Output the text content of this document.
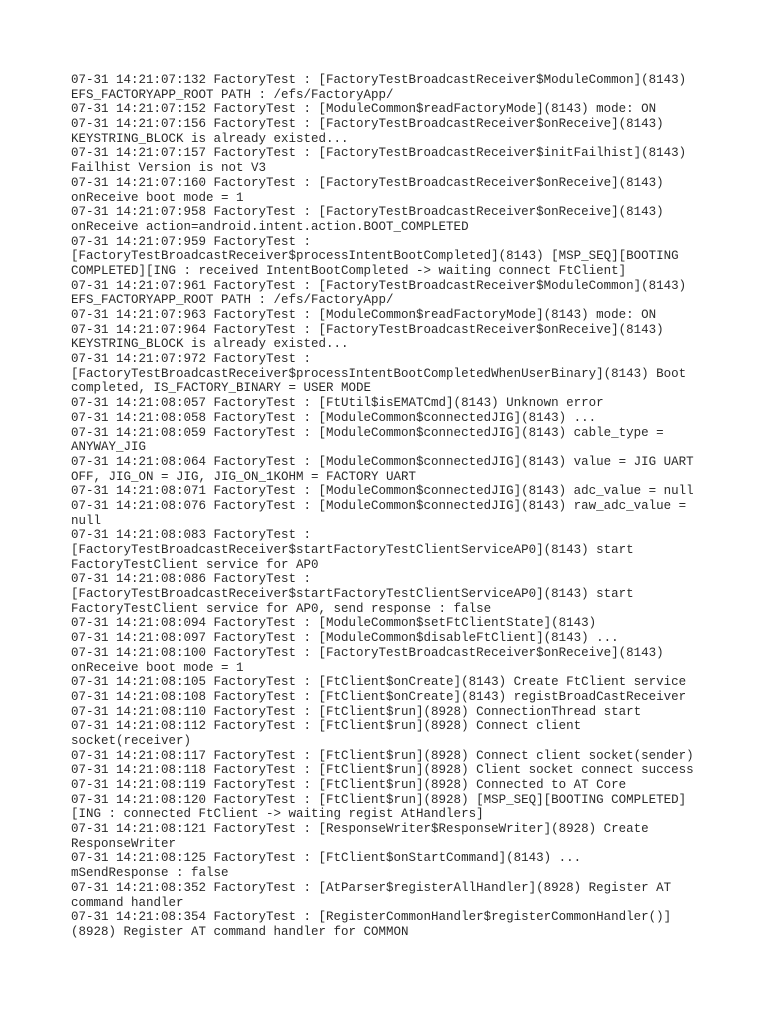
07-31 14:21:07:132 FactoryTest : [FactoryTestBroadcastReceiver$ModuleCommon](8143)
EFS_FACTORYAPP_ROOT PATH : /efs/FactoryApp/
07-31 14:21:07:152 FactoryTest : [ModuleCommon$readFactoryMode](8143) mode: ON
07-31 14:21:07:156 FactoryTest : [FactoryTestBroadcastReceiver$onReceive](8143)
KEYSTRING_BLOCK is already existed...
07-31 14:21:07:157 FactoryTest : [FactoryTestBroadcastReceiver$initFailhist](8143)
Failhist Version is not V3
07-31 14:21:07:160 FactoryTest : [FactoryTestBroadcastReceiver$onReceive](8143)
onReceive boot mode = 1
07-31 14:21:07:958 FactoryTest : [FactoryTestBroadcastReceiver$onReceive](8143)
onReceive action=android.intent.action.BOOT_COMPLETED
07-31 14:21:07:959 FactoryTest :
[FactoryTestBroadcastReceiver$processIntentBootCompleted](8143) [MSP_SEQ][BOOTING
COMPLETED][ING : received IntentBootCompleted -> waiting connect FtClient]
07-31 14:21:07:961 FactoryTest : [FactoryTestBroadcastReceiver$ModuleCommon](8143)
EFS_FACTORYAPP_ROOT PATH : /efs/FactoryApp/
07-31 14:21:07:963 FactoryTest : [ModuleCommon$readFactoryMode](8143) mode: ON
07-31 14:21:07:964 FactoryTest : [FactoryTestBroadcastReceiver$onReceive](8143)
KEYSTRING_BLOCK is already existed...
07-31 14:21:07:972 FactoryTest :
[FactoryTestBroadcastReceiver$processIntentBootCompletedWhenUserBinary](8143) Boot
completed, IS_FACTORY_BINARY = USER MODE
07-31 14:21:08:057 FactoryTest : [FtUtil$isEMATCmd](8143) Unknown error
07-31 14:21:08:058 FactoryTest : [ModuleCommon$connectedJIG](8143) ...
07-31 14:21:08:059 FactoryTest : [ModuleCommon$connectedJIG](8143) cable_type =
ANYWAY_JIG
07-31 14:21:08:064 FactoryTest : [ModuleCommon$connectedJIG](8143) value = JIG UART
OFF, JIG_ON = JIG, JIG_ON_1KOHM = FACTORY UART
07-31 14:21:08:071 FactoryTest : [ModuleCommon$connectedJIG](8143) adc_value = null
07-31 14:21:08:076 FactoryTest : [ModuleCommon$connectedJIG](8143) raw_adc_value =
null
07-31 14:21:08:083 FactoryTest :
[FactoryTestBroadcastReceiver$startFactoryTestClientServiceAP0](8143) start
FactoryTestClient service for AP0
07-31 14:21:08:086 FactoryTest :
[FactoryTestBroadcastReceiver$startFactoryTestClientServiceAP0](8143) start
FactoryTestClient service for AP0, send response : false
07-31 14:21:08:094 FactoryTest : [ModuleCommon$setFtClientState](8143)
07-31 14:21:08:097 FactoryTest : [ModuleCommon$disableFtClient](8143) ...
07-31 14:21:08:100 FactoryTest : [FactoryTestBroadcastReceiver$onReceive](8143)
onReceive boot mode = 1
07-31 14:21:08:105 FactoryTest : [FtClient$onCreate](8143) Create FtClient service
07-31 14:21:08:108 FactoryTest : [FtClient$onCreate](8143) registBroadCastReceiver
07-31 14:21:08:110 FactoryTest : [FtClient$run](8928) ConnectionThread start
07-31 14:21:08:112 FactoryTest : [FtClient$run](8928) Connect client
socket(receiver)
07-31 14:21:08:117 FactoryTest : [FtClient$run](8928) Connect client socket(sender)
07-31 14:21:08:118 FactoryTest : [FtClient$run](8928) Client socket connect success
07-31 14:21:08:119 FactoryTest : [FtClient$run](8928) Connected to AT Core
07-31 14:21:08:120 FactoryTest : [FtClient$run](8928) [MSP_SEQ][BOOTING COMPLETED]
[ING : connected FtClient -> waiting regist AtHandlers]
07-31 14:21:08:121 FactoryTest : [ResponseWriter$ResponseWriter](8928) Create
ResponseWriter
07-31 14:21:08:125 FactoryTest : [FtClient$onStartCommand](8143) ...
mSendResponse : false
07-31 14:21:08:352 FactoryTest : [AtParser$registerAllHandler](8928) Register AT
command handler
07-31 14:21:08:354 FactoryTest : [RegisterCommonHandler$registerCommonHandler()]
(8928) Register AT command handler for COMMON
